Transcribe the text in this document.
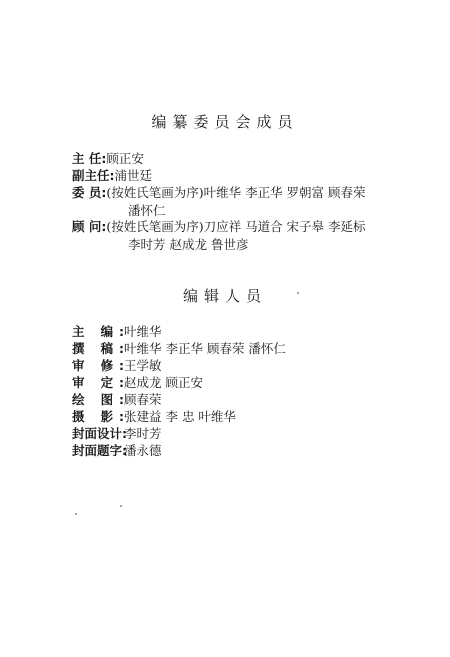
编纂委员会成员
主 任: 顾正安
副主任: 浦世廷
委 员: (按姓氏笔画为序)叶维华 李正华 罗朝富 顾春荣
潘怀仁
顾 问: (按姓氏笔画为序)刀应祥 马道合 宋子皋 李延标
李时芳 赵成龙 鲁世彦
编辑人员
主 编: 叶维华
撰 稿: 叶维华 李正华 顾春荣 潘怀仁
审 修: 王学敏
审 定: 赵成龙 顾正安
绘 图: 顾春荣
摄 影: 张建益 李 忠 叶维华
封面设计:
李时芳
封面题字:
潘永德
